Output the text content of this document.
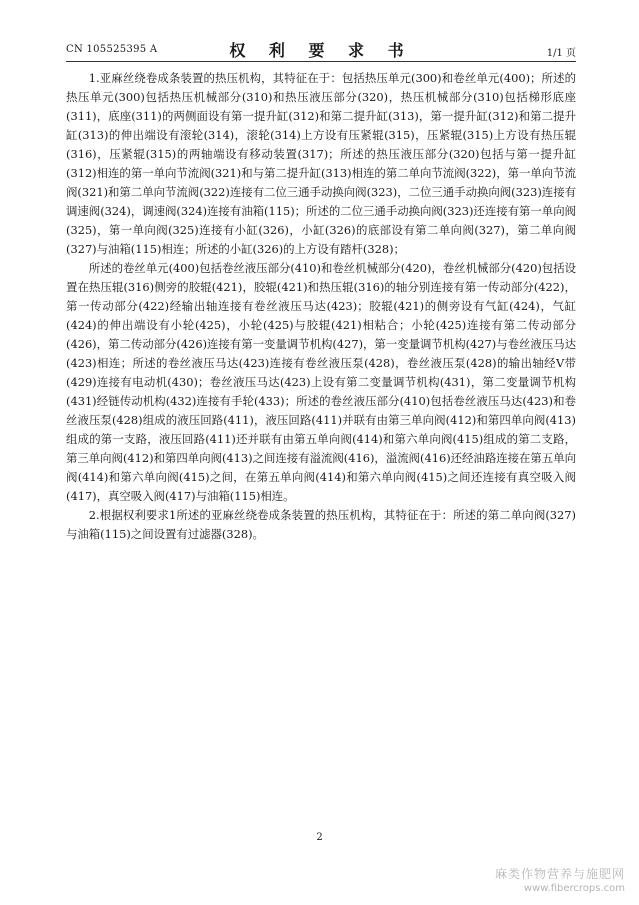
CN 105525395 A	权 利 要 求 书	1/1 页

1.亚麻丝绕卷成条装置的热压机构，其特征在于：包括热压单元(300)和卷丝单元(400)；所述的热压单元(300)包括热压机械部分(310)和热压液压部分(320)，热压机械部分(310)包括梯形底座(311)，底座(311)的两侧面设有第一提升缸(312)和第二提升缸(313)，第一提升缸(312)和第二提升缸(313)的伸出端设有滚轮(314)，滚轮(314)上方设有压紧辊(315)，压紧辊(315)上方设有热压辊(316)，压紧辊(315)的两轴端设有移动装置(317)；所述的热压液压部分(320)包括与第一提升缸(312)相连的第一单向节流阀(321)和与第二提升缸(313)相连的第二单向节流阀(322)，第一单向节流阀(321)和第二单向节流阀(322)连接有二位三通手动换向阀(323)，二位三通手动换向阀(323)连接有调速阀(324)，调速阀(324)连接有油箱(115)；所述的二位三通手动换向阀(323)还连接有第一单向阀(325)，第一单向阀(325)连接有小缸(326)，小缸(326)的底部设有第二单向阀(327)，第二单向阀(327)与油箱(115)相连；所述的小缸(326)的上方设有踏杆(328)；

所述的卷丝单元(400)包括卷丝液压部分(410)和卷丝机械部分(420)，卷丝机械部分(420)包括设置在热压辊(316)侧旁的胶辊(421)，胶辊(421)和热压辊(316)的轴分别连接有第一传动部分(422)，第一传动部分(422)经输出轴连接有卷丝液压马达(423)；胶辊(421)的侧旁设有气缸(424)，气缸(424)的伸出端设有小轮(425)，小轮(425)与胶辊(421)相粘合；小轮(425)连接有第二传动部分(426)，第二传动部分(426)连接有第一变量调节机构(427)，第一变量调节机构(427)与卷丝液压马达(423)相连；所述的卷丝液压马达(423)连接有卷丝液压泵(428)，卷丝液压泵(428)的输出轴经V带(429)连接有电动机(430)；卷丝液压马达(423)上设有第二变量调节机构(431)，第二变量调节机构(431)经链传动机构(432)连接有手轮(433)；所述的卷丝液压部分(410)包括卷丝液压马达(423)和卷丝液压泵(428)组成的液压回路(411)，液压回路(411)并联有由第三单向阀(412)和第四单向阀(413)组成的第一支路，液压回路(411)还并联有由第五单向阀(414)和第六单向阀(415)组成的第二支路，第三单向阀(412)和第四单向阀(413)之间连接有溢流阀(416)，溢流阀(416)还经油路连接在第五单向阀(414)和第六单向阀(415)之间，在第五单向阀(414)和第六单向阀(415)之间还连接有真空吸入阀(417)，真空吸入阀(417)与油箱(115)相连。

2.根据权利要求1所述的亚麻丝绕卷成条装置的热压机构，其特征在于：所述的第二单向阀(327)与油箱(115)之间设置有过滤器(328)。

2
麻类作物营养与施肥网
www.fibercrops.com
